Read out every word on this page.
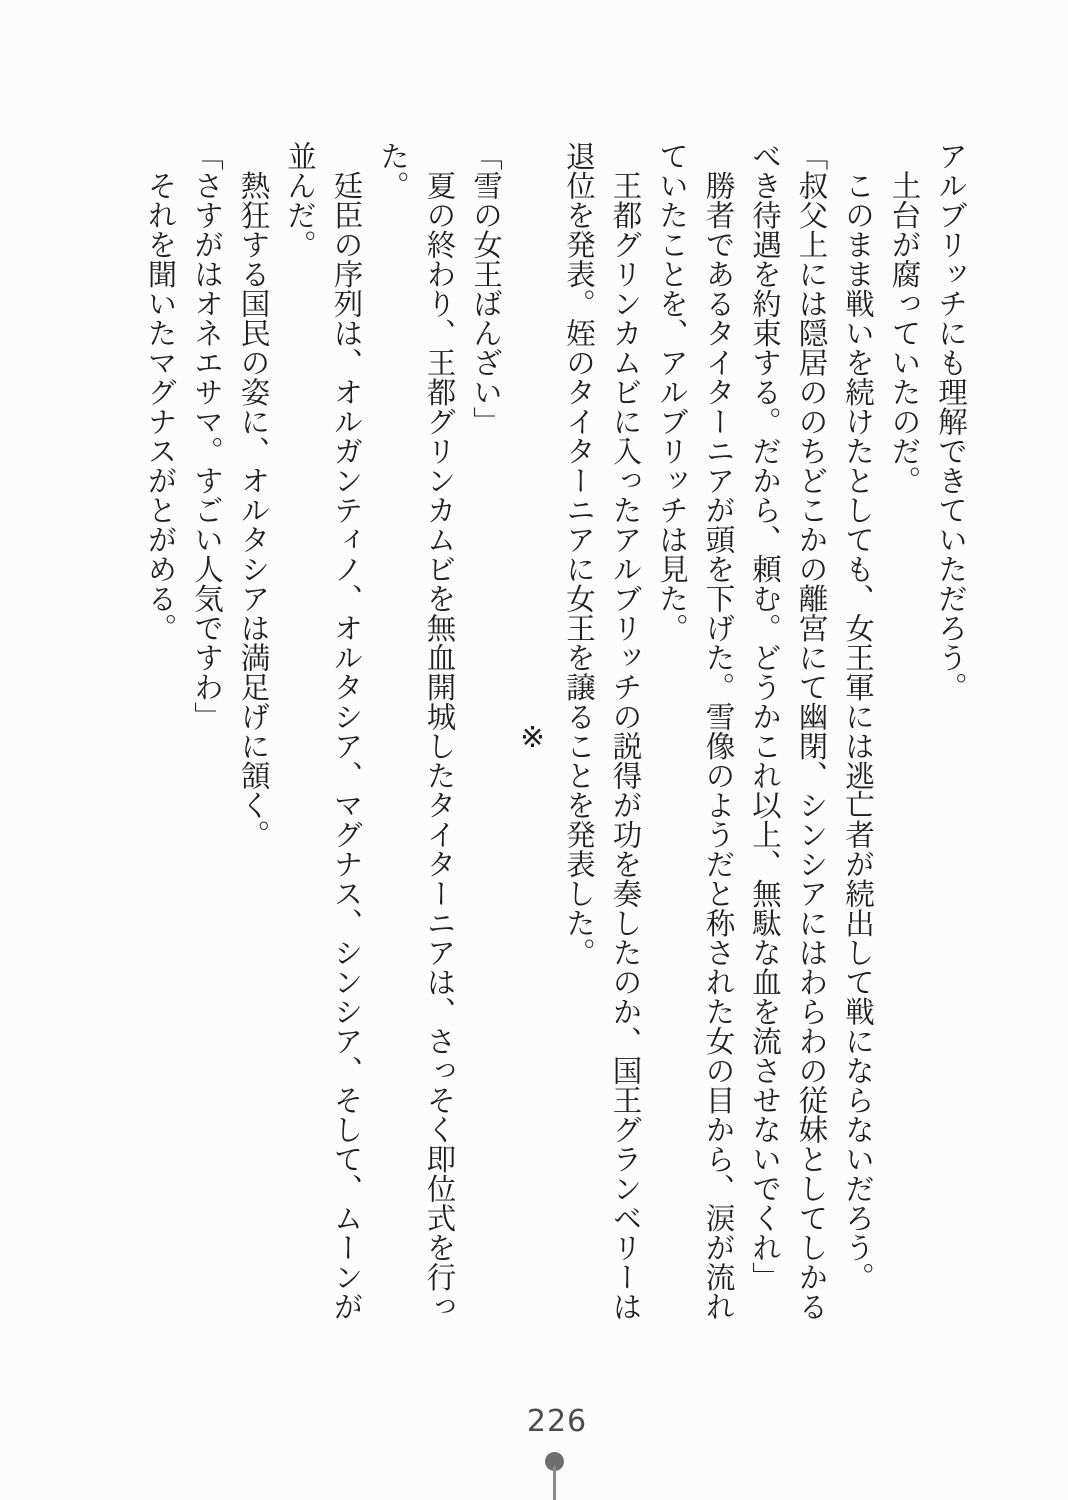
アルブリッチにも理解できていただろう。

　土台が腐っていたのだ。

　このまま戦いを続けたとしても、女王軍には逃亡者が続出して戦にならないだろう。

「叔父上には隠居ののちどこかの離宮にて幽閉、シンシアにはわらわの従妹としてしかるべき待遇を約束する。だから、頼む。どうかこれ以上、無駄な血を流させないでくれ」

　勝者であるタイターニアが頭を下げた。雪像のようだと称された女の目から、涙が流れていたことを、アルブリッチは見た。

　王都グリンカムビに入ったアルブリッチの説得が功を奏したのか、国王グランベリーは退位を発表。姪のタイターニアに女王を譲ることを発表した。

※

「雪の女王ばんざい」

　夏の終わり、王都グリンカムビを無血開城したタイターニアは、さっそく即位式を行った。

　廷臣の序列は、オルガンティノ、オルタシア、マグナス、シンシア、そして、ムーンが並んだ。

　熱狂する国民の姿に、オルタシアは満足げに頷く。

「さすがはオネエサマ。すごい人気ですわ」

　それを聞いたマグナスがとがめる。

226
